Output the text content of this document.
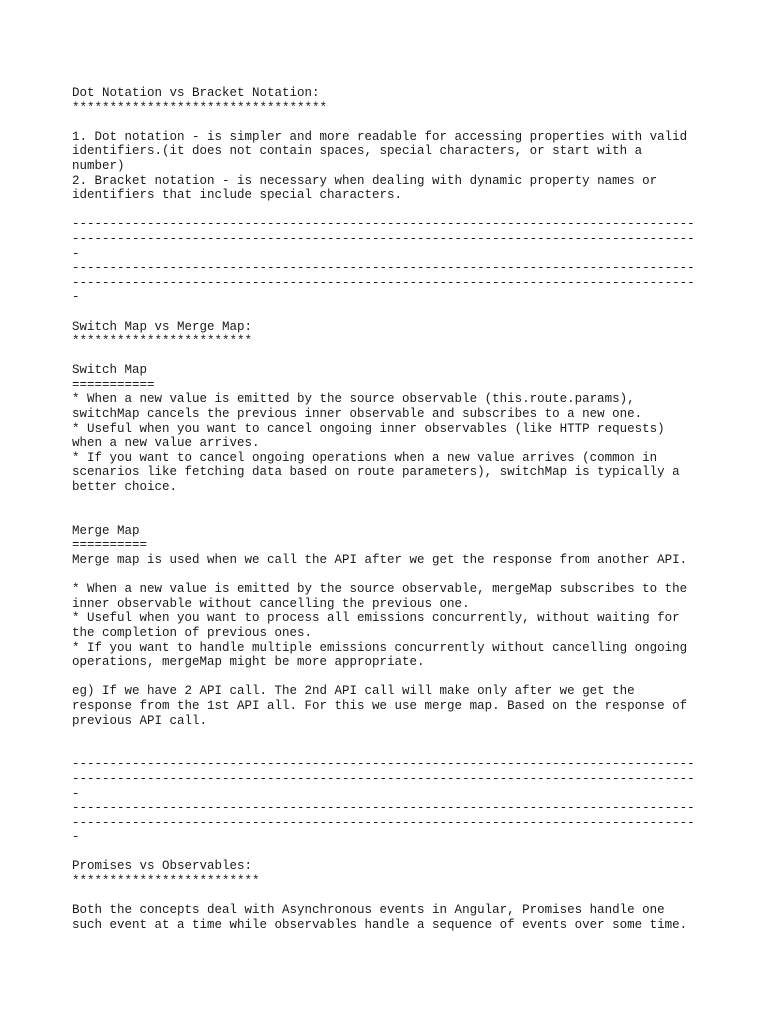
Dot Notation vs Bracket Notation:
**********************************
1. Dot notation - is simpler and more readable for accessing properties with valid
identifiers.(it does not contain spaces, special characters, or start with a
number)
2. Bracket notation - is necessary when dealing with dynamic property names or
identifiers that include special characters.
-----------------------------------------------------------------------------------
-----------------------------------------------------------------------------------
-
-----------------------------------------------------------------------------------
-----------------------------------------------------------------------------------
-
Switch Map vs Merge Map:
************************
Switch Map
===========
* When a new value is emitted by the source observable (this.route.params),
switchMap cancels the previous inner observable and subscribes to a new one.
* Useful when you want to cancel ongoing inner observables (like HTTP requests)
when a new value arrives.
* If you want to cancel ongoing operations when a new value arrives (common in
scenarios like fetching data based on route parameters), switchMap is typically a
better choice.
Merge Map
==========
Merge map is used when we call the API after we get the response from another API.
* When a new value is emitted by the source observable, mergeMap subscribes to the
inner observable without cancelling the previous one.
* Useful when you want to process all emissions concurrently, without waiting for
the completion of previous ones.
* If you want to handle multiple emissions concurrently without cancelling ongoing
operations, mergeMap might be more appropriate.
eg) If we have 2 API call. The 2nd API call will make only after we get the
response from the 1st API all. For this we use merge map. Based on the response of
previous API call.
-----------------------------------------------------------------------------------
-----------------------------------------------------------------------------------
-
-----------------------------------------------------------------------------------
-----------------------------------------------------------------------------------
-
Promises vs Observables:
*************************
Both the concepts deal with Asynchronous events in Angular, Promises handle one
such event at a time while observables handle a sequence of events over some time.
